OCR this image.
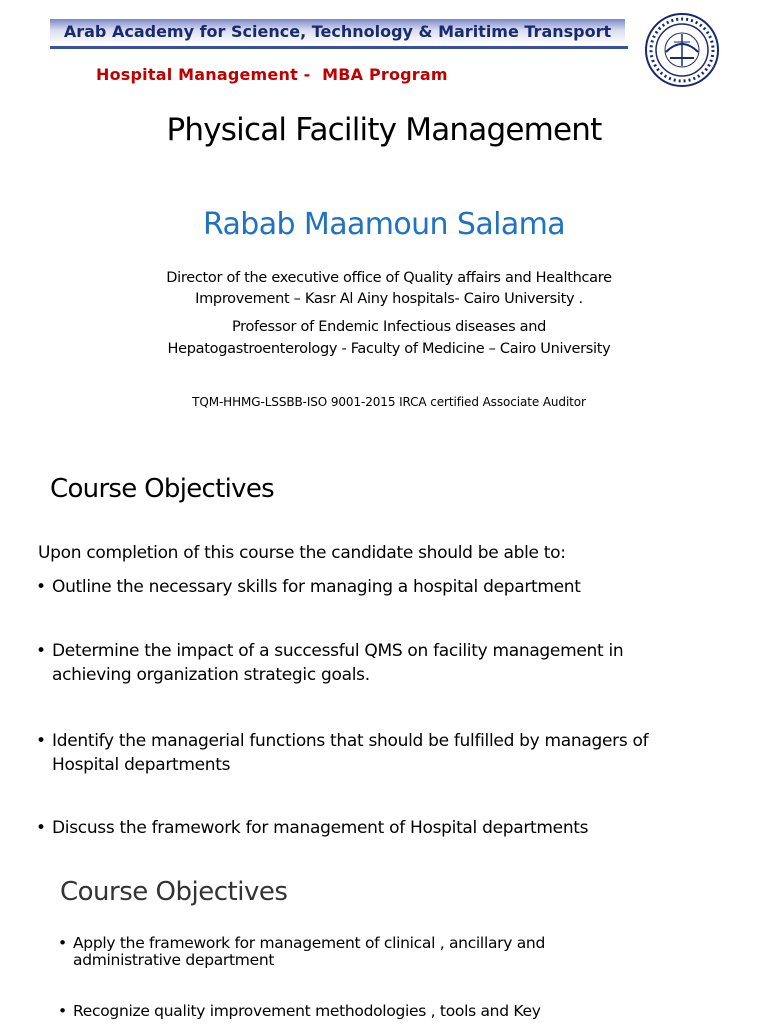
Arab Academy for Science, Technology & Maritime Transport
Hospital Management -  MBA Program
Physical Facility Management
Rabab Maamoun Salama
Director of the executive office of Quality affairs and Healthcare
Improvement – Kasr Al Ainy hospitals- Cairo University .
Professor of Endemic Infectious diseases and
Hepatogastroenterology - Faculty of Medicine – Cairo University
TQM-HHMG-LSSBB-ISO 9001-2015 IRCA certified Associate Auditor
Course Objectives
Upon completion of this course the candidate should be able to:
• Outline the necessary skills for managing a hospital department
• Determine the impact of a successful QMS on facility management in
achieving organization strategic goals.
• Identify the managerial functions that should be fulfilled by managers of
Hospital departments
• Discuss the framework for management of Hospital departments
Course Objectives
• Apply the framework for management of clinical , ancillary and
administrative department
• Recognize quality improvement methodologies , tools and Key
